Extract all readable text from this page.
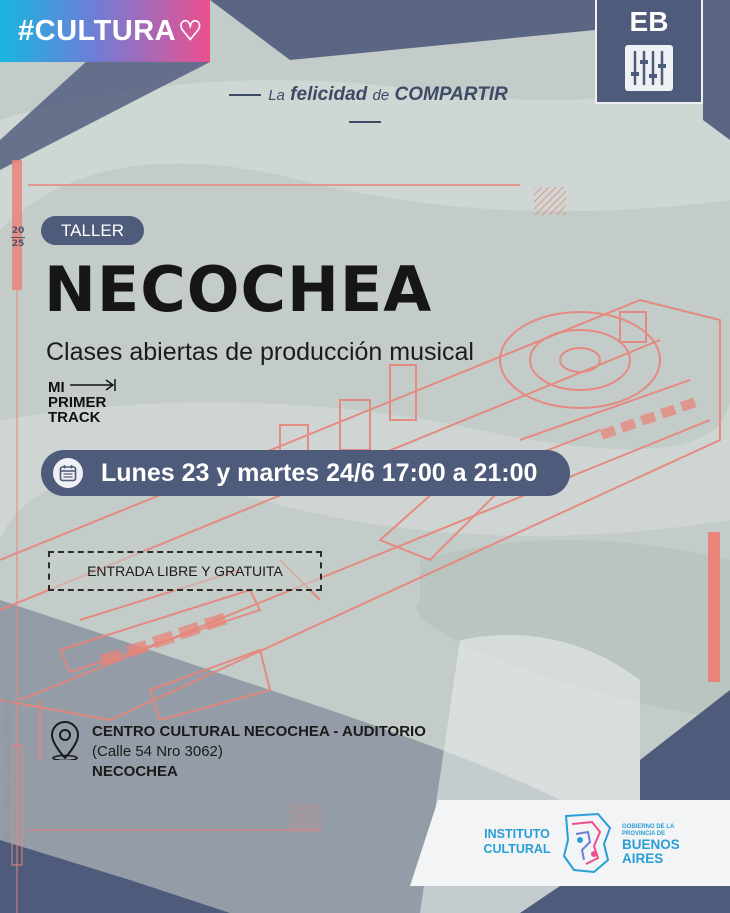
#CULTURA♡	EB
La felicidad de COMPARTIR
20
25
TALLER
NECOCHEA
Clases abiertas de producción musical
MI
PRIMER
TRACK
Lunes 23 y martes 24/6 17:00 a 21:00
ENTRADA LIBRE Y GRATUITA
CENTRO CULTURAL NECOCHEA - AUDITORIO
(Calle 54 Nro 3062)
NECOCHEA
ELECTRÓNICA BONAERENSE	INSTITUTO
CULTURAL
GOBIERNO DE LA
PROVINCIA DE
BUENOS
AIRES
